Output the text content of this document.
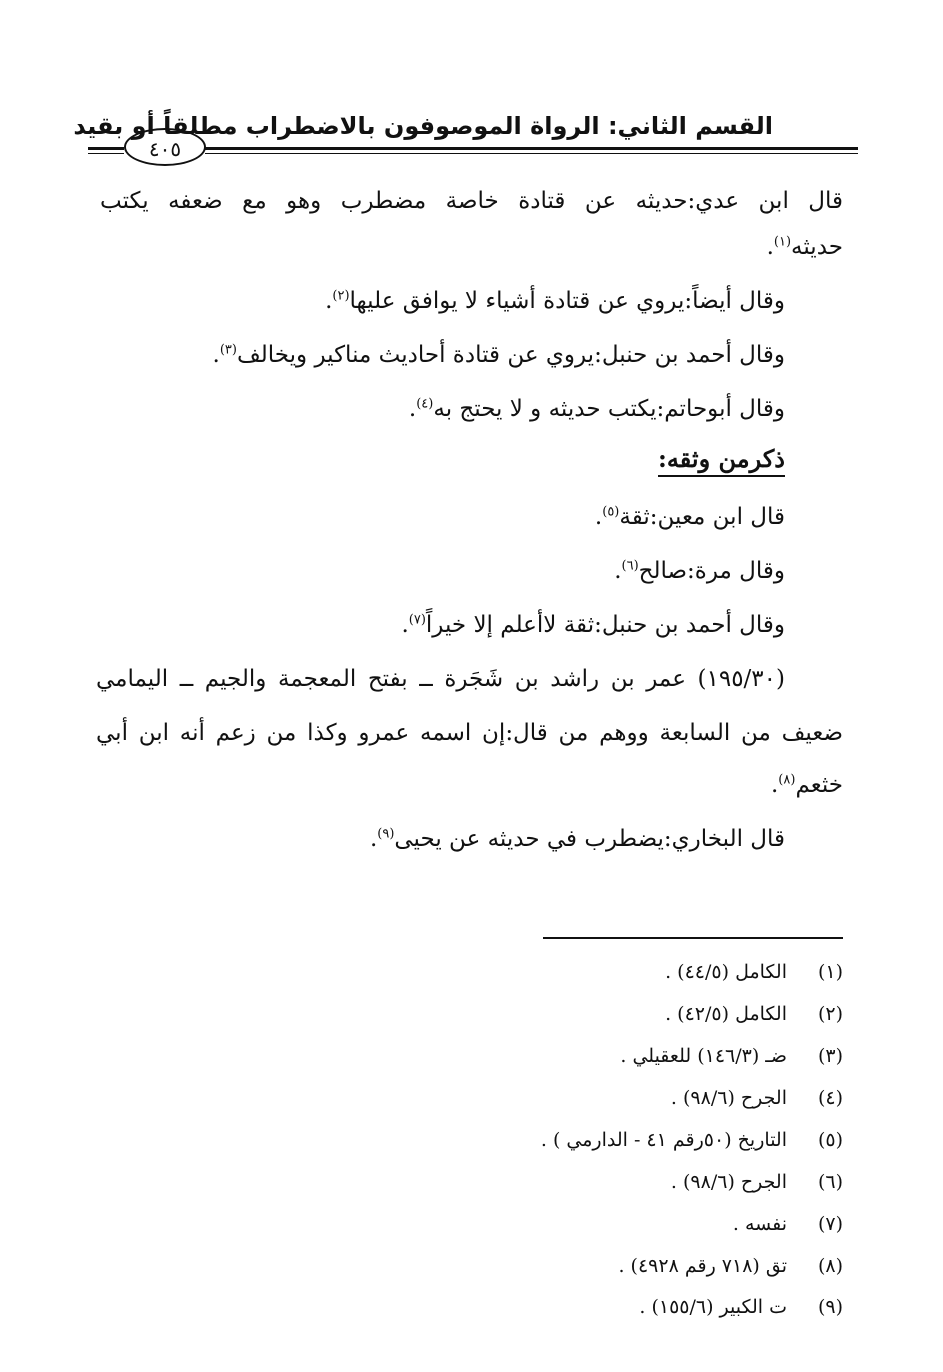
القسم الثاني: الرواة الموصوفون بالاضطراب مطلقاً أو بقيد
٤٠٥
قال ابن عدي:حديثه عن قتادة خاصة مضطرب وهو مع ضعفه يكتب
حديثه$^{(١)}$.
وقال أيضاً:يروي عن قتادة أشياء لا يوافق عليها$^{(٢)}$.
وقال أحمد بن حنبل:يروي عن قتادة أحاديث مناكير ويخالف$^{(٣)}$.
وقال أبوحاتم:يكتب حديثه و لا يحتج به$^{(٤)}$.
ذكرمن وثقه:
قال ابن معين:ثقة$^{(٥)}$.
وقال مرة:صالح$^{(٦)}$.
وقال أحمد بن حنبل:ثقة لاأعلم إلا خيراً$^{(٧)}$.
(١٩٥/٣٠) عمر بن راشد بن شَجَرة ــ بفتح المعجمة والجيم ــ اليمامي
ضعيف من السابعة ووهم من قال:إن اسمه عمرو وكذا من زعم أنه ابن أبي
خثعم$^{(٨)}$.
قال البخاري:يضطرب في حديثه عن يحيى$^{(٩)}$.
(١)الكامل (٤٤/٥) .
(٢)الكامل (٤٢/٥) .
(٣)ضـ (١٤٦/٣) للعقيلي .
(٤)الجرح (٩٨/٦) .
(٥)التاريخ (٥٠رقم ٤١ - الدارمي ) .
(٦)الجرح (٩٨/٦) .
(٧)نفسه .
(٨)تق (٧١٨ رقم ٤٩٢٨) .
(٩)ت الكبير (١٥٥/٦) .
